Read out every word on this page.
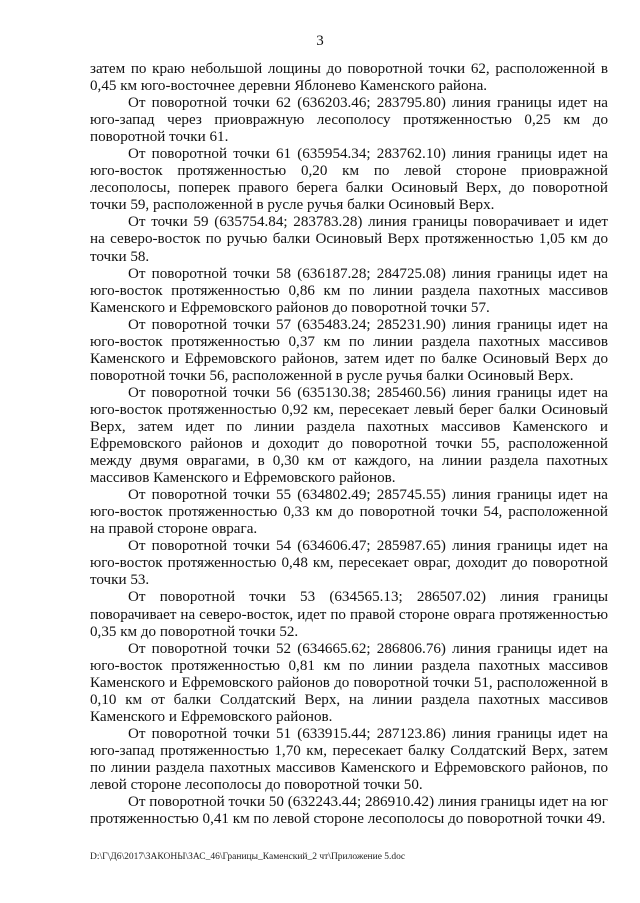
3

затем по краю небольшой лощины до поворотной точки 62, расположенной в 0,45 км юго-восточнее деревни Яблонево Каменского района.

От поворотной точки 62 (636203.46; 283795.80) линия границы идет на юго-запад через приовражную лесополосу протяженностью 0,25 км до поворотной точки 61.

От поворотной точки 61 (635954.34; 283762.10) линия границы идет на юго-восток протяженностью 0,20 км по левой стороне приовражной лесополосы, поперек правого берега балки Осиновый Верх, до поворотной точки 59, расположенной в русле ручья балки Осиновый Верх.

От точки 59 (635754.84; 283783.28) линия границы поворачивает и идет на северо-восток по ручью балки Осиновый Верх протяженностью 1,05 км до точки 58.

От поворотной точки 58 (636187.28; 284725.08) линия границы идет на юго-восток протяженностью 0,86 км по линии раздела пахотных массивов Каменского и Ефремовского районов до поворотной точки 57.

От поворотной точки 57 (635483.24; 285231.90) линия границы идет на юго-восток протяженностью 0,37 км по линии раздела пахотных массивов Каменского и Ефремовского районов, затем идет по балке Осиновый Верх до поворотной точки 56, расположенной в русле ручья балки Осиновый Верх.

От поворотной точки 56 (635130.38; 285460.56) линия границы идет на юго-восток протяженностью 0,92 км, пересекает левый берег балки Осиновый Верх, затем идет по линии раздела пахотных массивов Каменского и Ефремовского районов и доходит до поворотной точки 55, расположенной между двумя оврагами, в 0,30 км от каждого, на линии раздела пахотных массивов Каменского и Ефремовского районов.

От поворотной точки 55 (634802.49; 285745.55) линия границы идет на юго-восток протяженностью 0,33 км до поворотной точки 54, расположенной на правой стороне оврага.

От поворотной точки 54 (634606.47; 285987.65) линия границы идет на юго-восток протяженностью 0,48 км, пересекает овраг, доходит до поворотной точки 53.

От поворотной точки 53 (634565.13; 286507.02) линия границы поворачивает на северо-восток, идет по правой стороне оврага протяженностью 0,35 км до поворотной точки 52.

От поворотной точки 52 (634665.62; 286806.76) линия границы идет на юго-восток протяженностью 0,81 км по линии раздела пахотных массивов Каменского и Ефремовского районов до поворотной точки 51, расположенной в 0,10 км от балки Солдатский Верх, на линии раздела пахотных массивов Каменского и Ефремовского районов.

От поворотной точки 51 (633915.44; 287123.86) линия границы идет на юго-запад протяженностью 1,70 км, пересекает балку Солдатский Верх, затем по линии раздела пахотных массивов Каменского и Ефремовского районов, по левой стороне лесополосы до поворотной точки 50.

От поворотной точки 50 (632243.44; 286910.42) линия границы идет на юг протяженностью 0,41 км по левой стороне лесополосы до поворотной точки 49.

D:\Г\Д6\2017\ЗАКОНЫ\ЗАС_46\Границы_Каменский_2 чт\Приложение 5.doc
